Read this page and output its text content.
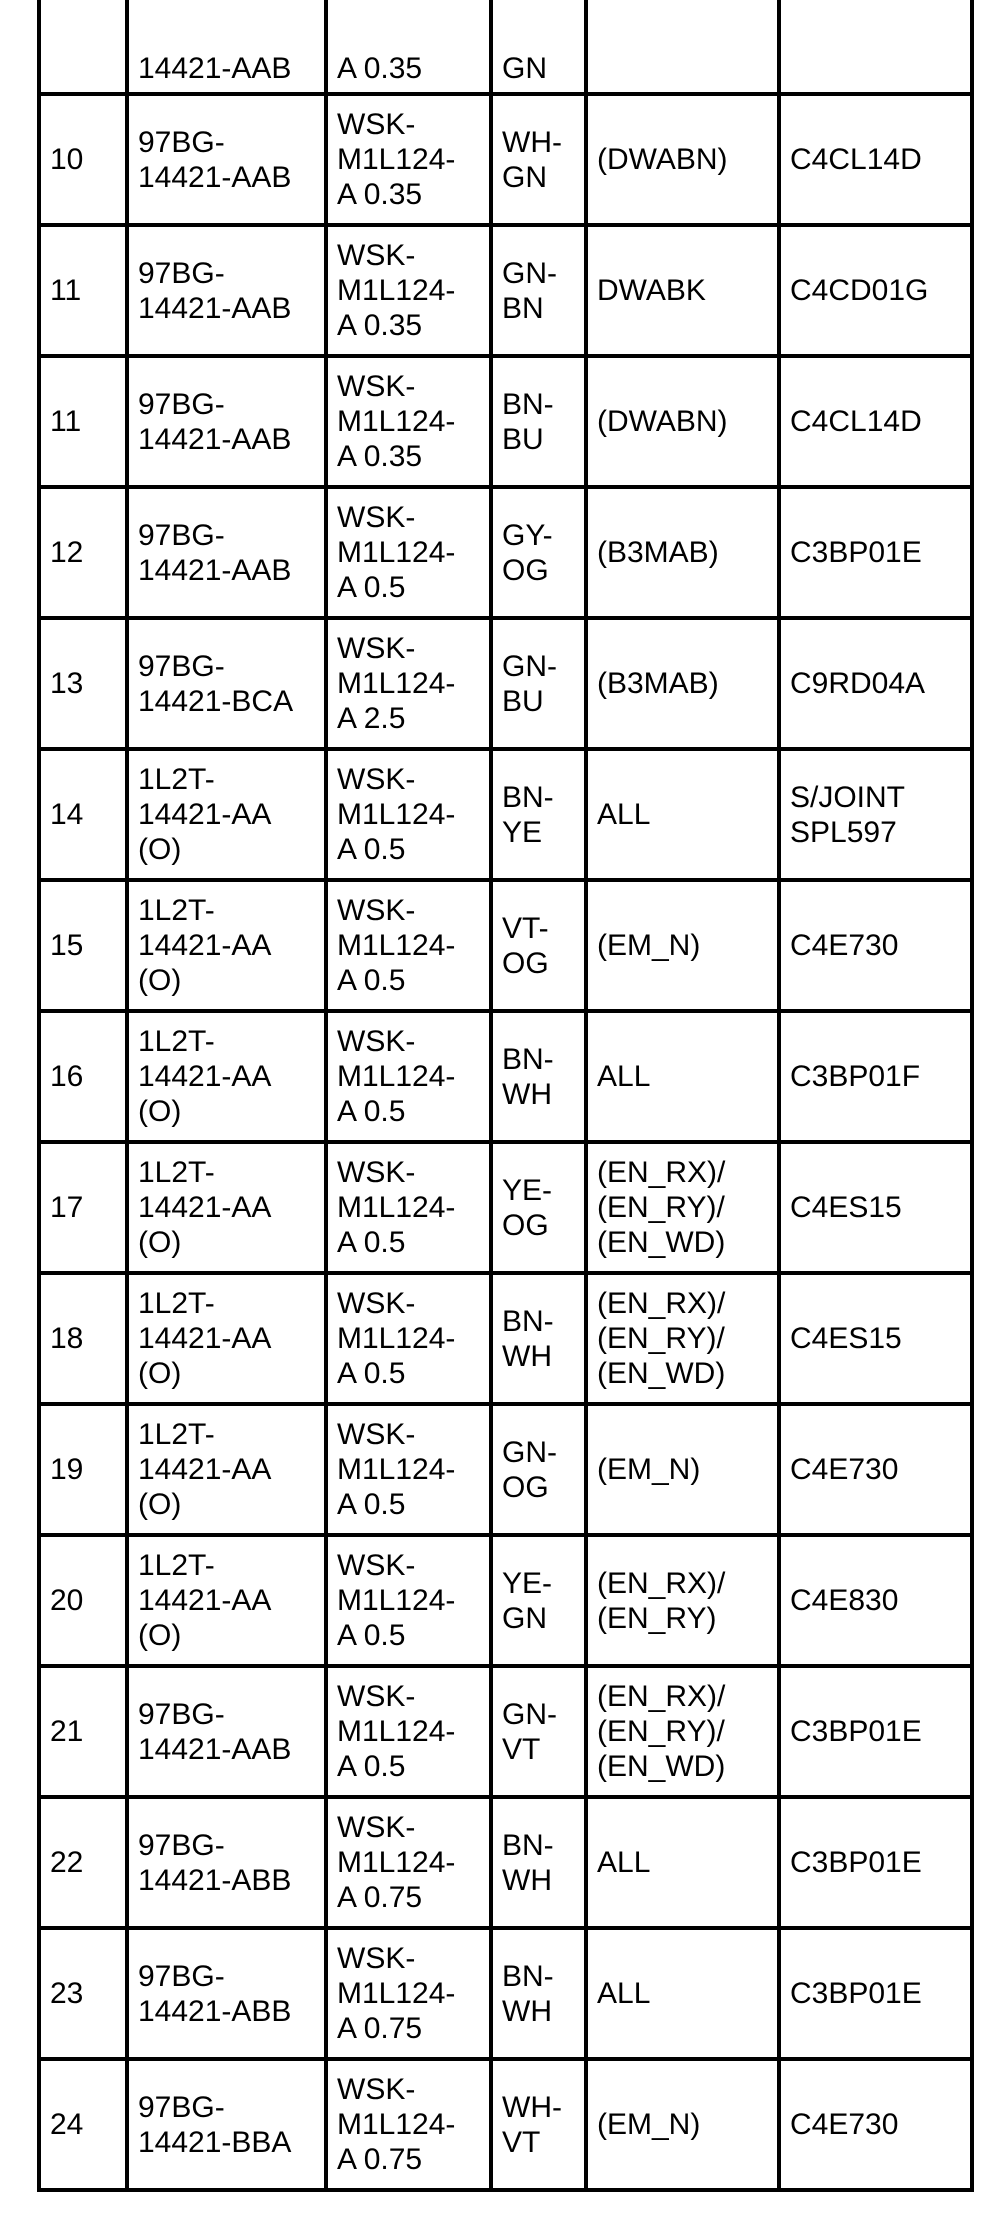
	14421-AAB	A 0.35	GN		

10	97BG-
14421-AAB	WSK-
M1L124-
A 0.35	WH-
GN	(DWABN)	C4CL14D

11	97BG-
14421-AAB	WSK-
M1L124-
A 0.35	GN-
BN	DWABK	C4CD01G

11	97BG-
14421-AAB	WSK-
M1L124-
A 0.35	BN-
BU	(DWABN)	C4CL14D

12	97BG-
14421-AAB	WSK-
M1L124-
A 0.5	GY-
OG	(B3MAB)	C3BP01E

13	97BG-
14421-BCA	WSK-
M1L124-
A 2.5	GN-
BU	(B3MAB)	C9RD04A

14	1L2T-
14421-AA
(O)	WSK-
M1L124-
A 0.5	BN-
YE	ALL	S/JOINT
SPL597

15	1L2T-
14421-AA
(O)	WSK-
M1L124-
A 0.5	VT-
OG	(EM_N)	C4E730

16	1L2T-
14421-AA
(O)	WSK-
M1L124-
A 0.5	BN-
WH	ALL	C3BP01F

17	1L2T-
14421-AA
(O)	WSK-
M1L124-
A 0.5	YE-
OG	(EN_RX)/
(EN_RY)/
(EN_WD)	C4ES15

18	1L2T-
14421-AA
(O)	WSK-
M1L124-
A 0.5	BN-
WH	(EN_RX)/
(EN_RY)/
(EN_WD)	C4ES15

19	1L2T-
14421-AA
(O)	WSK-
M1L124-
A 0.5	GN-
OG	(EM_N)	C4E730

20	1L2T-
14421-AA
(O)	WSK-
M1L124-
A 0.5	YE-
GN	(EN_RX)/
(EN_RY)	C4E830

21	97BG-
14421-AAB	WSK-
M1L124-
A 0.5	GN-
VT	(EN_RX)/
(EN_RY)/
(EN_WD)	C3BP01E

22	97BG-
14421-ABB	WSK-
M1L124-
A 0.75	BN-
WH	ALL	C3BP01E

23	97BG-
14421-ABB	WSK-
M1L124-
A 0.75	BN-
WH	ALL	C3BP01E

24	97BG-
14421-BBA	WSK-
M1L124-
A 0.75	WH-
VT	(EM_N)	C4E730
